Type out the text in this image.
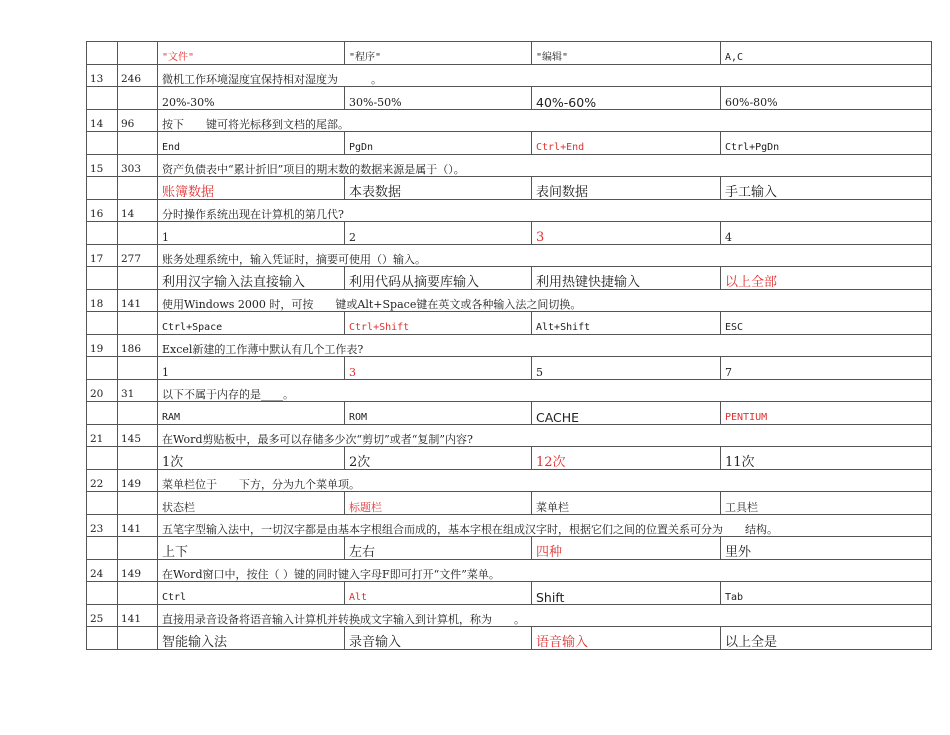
		"文件"	"程序"	"编辑"	A,C
13	246	微机工作环境湿度宜保持相对湿度为　　　。			
		20%-30%	30%-50%	40%-60%	60%-80%
14	96	按下　　键可将光标移到文档的尾部。			
		End	PgDn	Ctrl+End	Ctrl+PgDn
15	303	资产负债表中“累计折旧”项目的期末数的数据来源是属于（）。			
		账簿数据	本表数据	表间数据	手工输入
16	14	分时操作系统出现在计算机的第几代?			
		1	2	3	4
17	277	账务处理系统中，输入凭证时，摘要可使用（）输入。			
		利用汉字输入法直接输入	利用代码从摘要库输入	利用热键快捷输入	以上全部
18	141	使用Windows 2000 时，可按　　键或Alt+Space键在英文或各种输入法之间切换。			
		Ctrl+Space	Ctrl+Shift	Alt+Shift	ESC
19	186	Excel新建的工作薄中默认有几个工作表?			
		1	3	5	7
20	31	以下不属于内存的是____。			
		RAM	ROM	CACHE	PENTIUM
21	145	在Word剪贴板中，最多可以存储多少次“剪切”或者“复制”内容?			
		1次	2次	12次	11次
22	149	菜单栏位于　　下方，分为九个菜单项。			
		状态栏	标题栏	菜单栏	工具栏
23	141	五笔字型输入法中，一切汉字都是由基本字根组合而成的，基本字根在组成汉字时，根据它们之间的位置关系可分为　　结构。			
		上下	左右	四种	里外
24	149	在Word窗口中，按住（ ）键的同时键入字母F即可打开“文件”菜单。			
		Ctrl	Alt	Shift	Tab
25	141	直接用录音设备将语音输入计算机并转换成文字输入到计算机，称为　　。			
		智能输入法	录音输入	语音输入	以上全是
